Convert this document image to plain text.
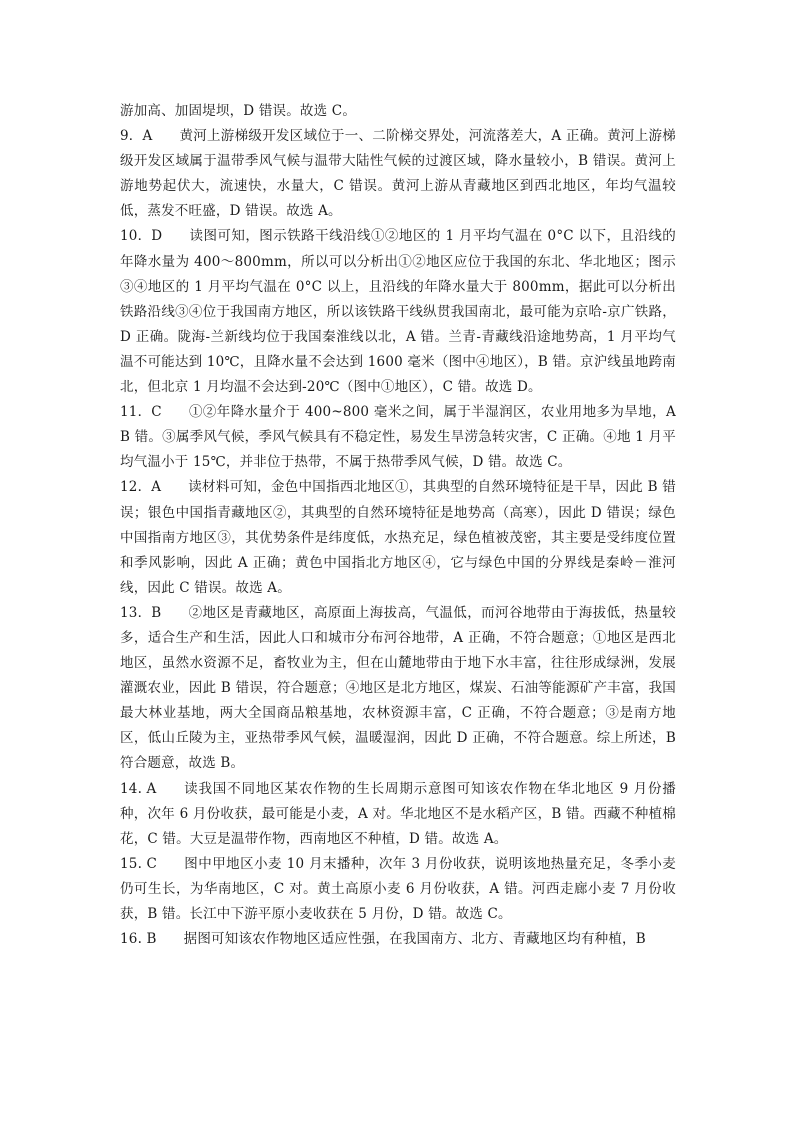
游加高、加固堤坝，D 错误。故选 C。

9．A 黄河上游梯级开发区域位于一、二阶梯交界处，河流落差大，A 正确。黄河上游梯级开发区域属于温带季风气候与温带大陆性气候的过渡区域，降水量较小，B 错误。黄河上游地势起伏大，流速快，水量大，C 错误。黄河上游从青藏地区到西北地区，年均气温较低，蒸发不旺盛，D 错误。故选 A。

10．D 读图可知，图示铁路干线沿线①②地区的 1 月平均气温在 0°C 以下，且沿线的年降水量为 400～800mm，所以可以分析出①②地区应位于我国的东北、华北地区；图示③④地区的 1 月平均气温在 0°C 以上，且沿线的年降水量大于 800mm，据此可以分析出铁路沿线③④位于我国南方地区，所以该铁路干线纵贯我国南北，最可能为京哈-京广铁路，D 正确。陇海-兰新线均位于我国秦淮线以北，A 错。兰青-青藏线沿途地势高，1 月平均气温不可能达到 10℃，且降水量不会达到 1600 毫米（图中④地区），B 错。京沪线虽地跨南北，但北京 1 月均温不会达到-20℃（图中①地区），C 错。故选 D。

11．C ①②年降水量介于 400~800 毫米之间，属于半湿润区，农业用地多为旱地，AB 错。③属季风气候，季风气候具有不稳定性，易发生旱涝急转灾害，C 正确。④地 1 月平均气温小于 15℃，并非位于热带，不属于热带季风气候，D 错。故选 C。

12．A 读材料可知，金色中国指西北地区①，其典型的自然环境特征是干旱，因此 B 错误；银色中国指青藏地区②，其典型的自然环境特征是地势高（高寒），因此 D 错误；绿色中国指南方地区③，其优势条件是纬度低，水热充足，绿色植被茂密，其主要是受纬度位置和季风影响，因此 A 正确；黄色中国指北方地区④，它与绿色中国的分界线是秦岭－淮河线，因此 C 错误。故选 A。

13．B ②地区是青藏地区，高原面上海拔高，气温低，而河谷地带由于海拔低，热量较多，适合生产和生活，因此人口和城市分布河谷地带，A 正确，不符合题意；①地区是西北地区，虽然水资源不足，畜牧业为主，但在山麓地带由于地下水丰富，往往形成绿洲，发展灌溉农业，因此 B 错误，符合题意；④地区是北方地区，煤炭、石油等能源矿产丰富，我国最大林业基地，两大全国商品粮基地，农林资源丰富，C 正确，不符合题意；③是南方地区，低山丘陵为主，亚热带季风气候，温暖湿润，因此 D 正确，不符合题意。综上所述，B 符合题意，故选 B。

14. A 读我国不同地区某农作物的生长周期示意图可知该农作物在华北地区 9 月份播种，次年 6 月份收获，最可能是小麦，A 对。华北地区不是水稻产区，B 错。西藏不种植棉花，C 错。大豆是温带作物，西南地区不种植，D 错。故选 A。

15. C 图中甲地区小麦 10 月末播种，次年 3 月份收获，说明该地热量充足，冬季小麦仍可生长，为华南地区，C 对。黄土高原小麦 6 月份收获，A 错。河西走廊小麦 7 月份收获，B 错。长江中下游平原小麦收获在 5 月份，D 错。故选 C。

16. B 据图可知该农作物地区适应性强，在我国南方、北方、青藏地区均有种植，B
